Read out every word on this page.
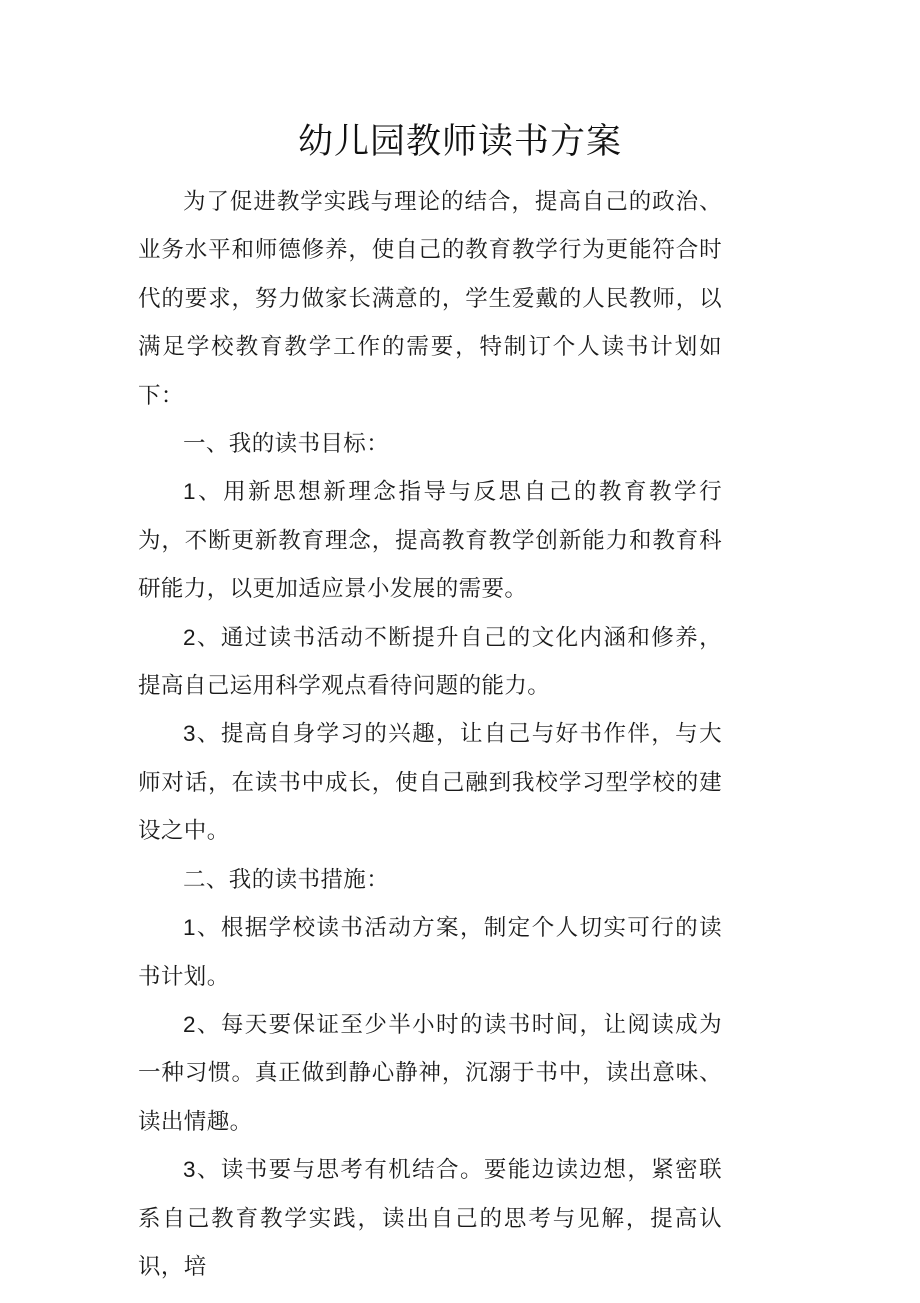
幼儿园教师读书方案

为了促进教学实践与理论的结合，提高自己的政治、业务水平和师德修养，使自己的教育教学行为更能符合时代的要求，努力做家长满意的，学生爱戴的人民教师，以满足学校教育教学工作的需要，特制订个人读书计划如下：

一、我的读书目标：

1、用新思想新理念指导与反思自己的教育教学行为，不断更新教育理念，提高教育教学创新能力和教育科研能力，以更加适应景小发展的需要。

2、通过读书活动不断提升自己的文化内涵和修养，提高自己运用科学观点看待问题的能力。

3、提高自身学习的兴趣，让自己与好书作伴，与大师对话，在读书中成长，使自己融到我校学习型学校的建设之中。

二、我的读书措施：

1、根据学校读书活动方案，制定个人切实可行的读书计划。

2、每天要保证至少半小时的读书时间，让阅读成为一种习惯。真正做到静心静神，沉溺于书中，读出意味、读出情趣。

3、读书要与思考有机结合。要能边读边想，紧密联系自己教育教学实践，读出自己的思考与见解，提高认识，培
